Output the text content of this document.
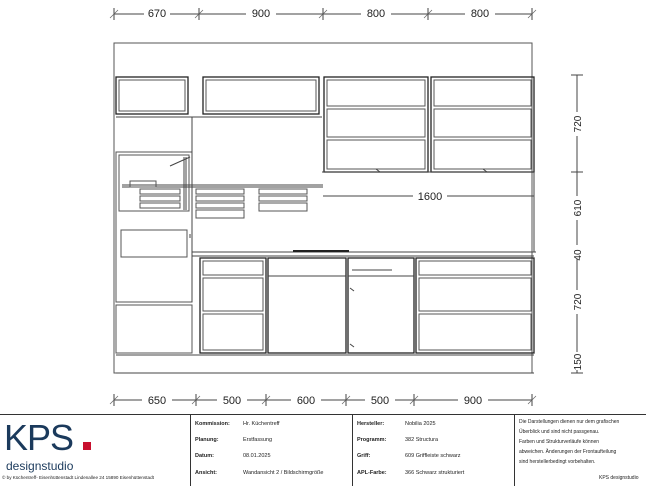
670	900	800	800
1600
720
610
40
720
150
650	500	600	500	900
KPS
designstudio
© by Küchentreff- Eisenhüttenstadt Lindenallee 24 15890 Eisenhüttenstadt
Kommission: Hr. Küchentreff
Planung:	Erstfassung
Datum:	08.01.2025
Ansicht:	Wandansicht 2 / Bildschirmgröße
Hersteller:	Nobilia 2025
Programm:	382 Structura
Griff:	609 Griffleiste schwarz
APL-Farbe:	366 Schwarz strukturiert
Die Darstellungen dienen nur dem grafischen
Überblick und sind nicht passgenau.
Farben und Strukturverläufe können
abweichen. Änderungen der Frontaufteilung
sind herstellerbedingt vorbehalten.
KPS designstudio
